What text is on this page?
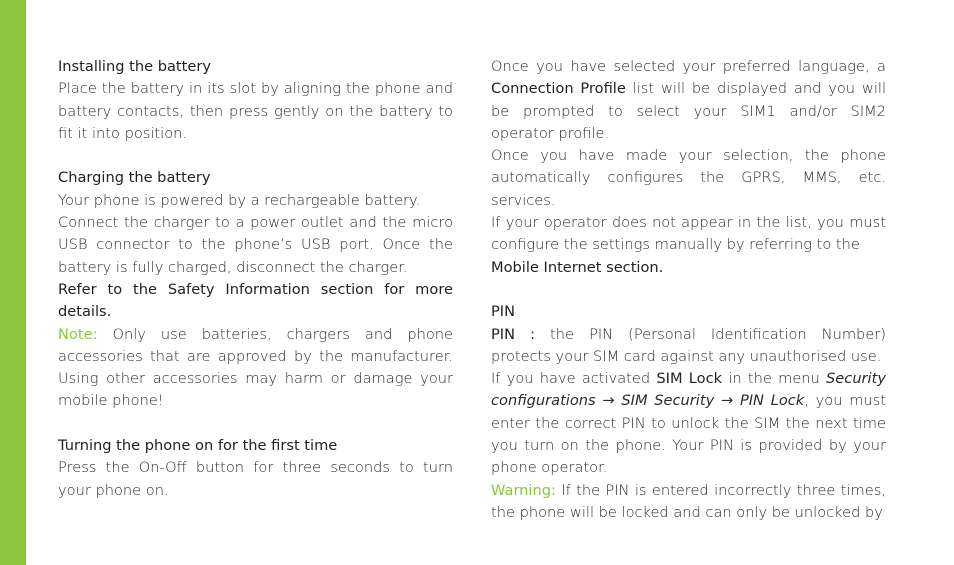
Installing the battery

Place the battery in its slot by aligning the phone and battery contacts, then press gently on the battery to fit it into position.

Charging the battery

Your phone is powered by a rechargeable battery.

Connect the charger to a power outlet and the micro USB connector to the phone’s USB port. Once the battery is fully charged, disconnect the charger.

Refer to the Safety Information section for more details.

Note: Only use batteries, chargers and phone accessories that are approved by the manufacturer. Using other accessories may harm or damage your mobile phone!

Turning the phone on for the first time

Press the On-Off button for three seconds to turn your phone on.

Once you have selected your preferred language, a Connection Profile list will be displayed and you will be prompted to select your SIM1 and/or SIM2 operator profile.

Once you have made your selection, the phone automatically configures the GPRS, MMS, etc. services.

If your operator does not appear in the list, you must configure the settings manually by referring to the

Mobile Internet section.

PIN

PIN : the PIN (Personal Identification Number) protects your SIM card against any unauthorised use.

If you have activated SIM Lock in the menu Security configurations → SIM Security → PIN Lock, you must enter the correct PIN to unlock the SIM the next time you turn on the phone. Your PIN is provided by your phone operator.

Warning: If the PIN is entered incorrectly three times, the phone will be locked and can only be unlocked by
